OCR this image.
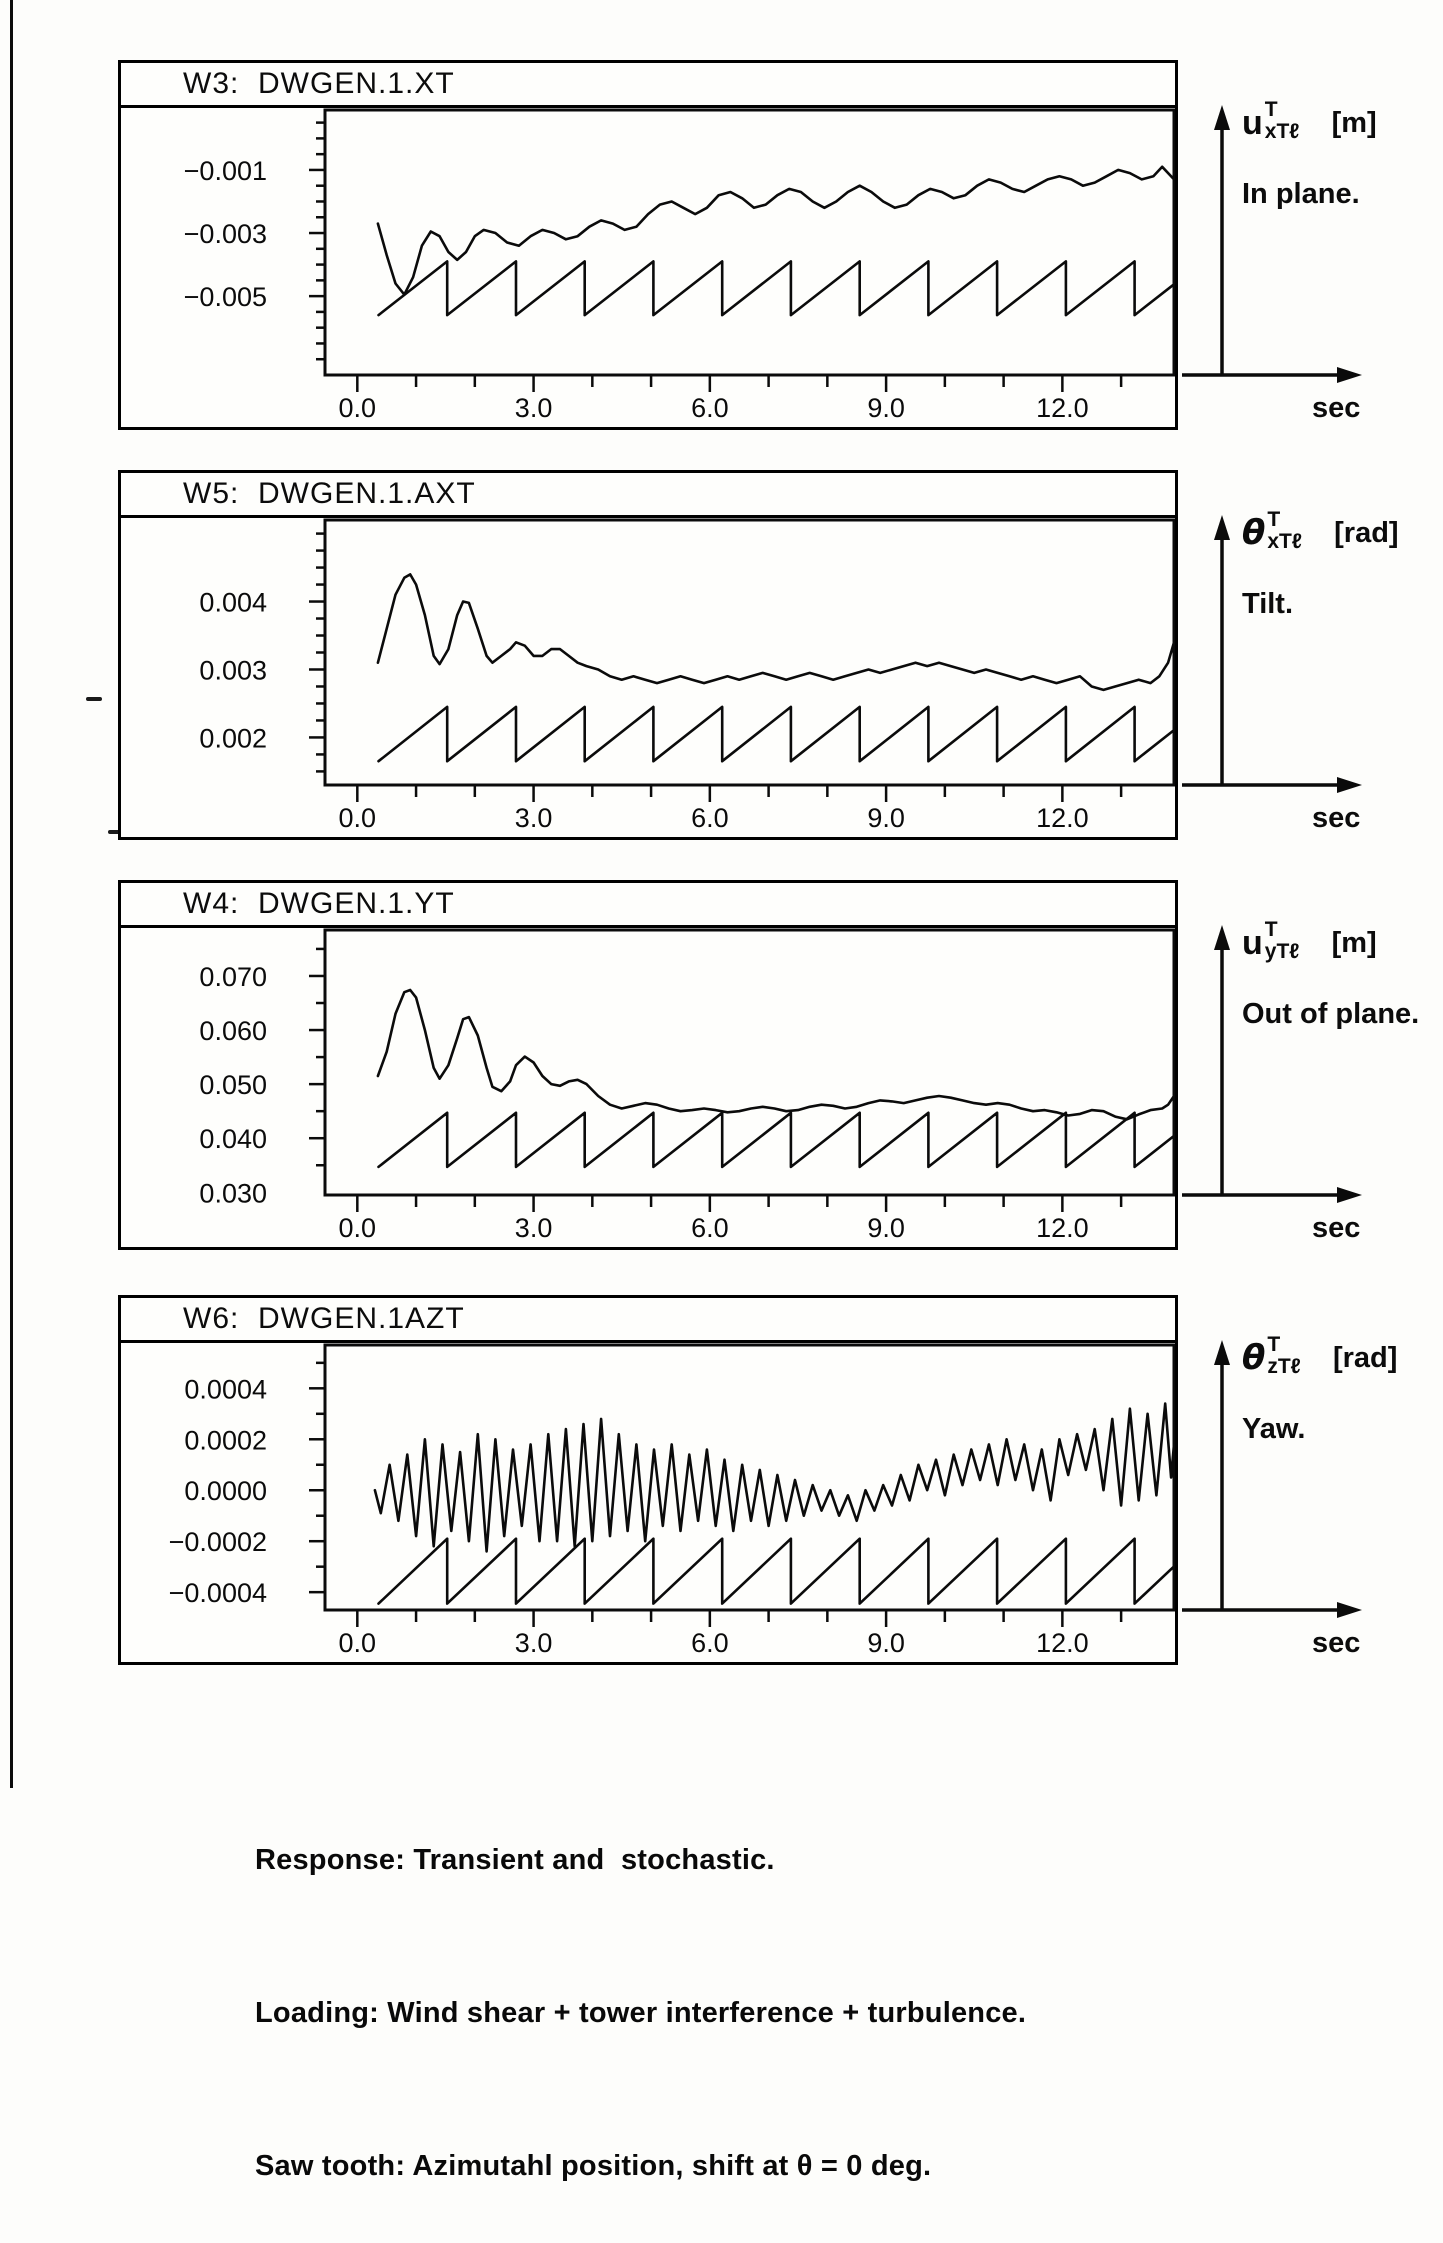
W3:  DWGEN.1.XT
−0.001
−0.003
−0.005
0.0	3.0	6.0	9.0	12.0
u T
xTℓ [m]
In plane.
sec
W5:  DWGEN.1.AXT
0.004
0.003
0.002
0.0	3.0	6.0	9.0	12.0
θ T
xTℓ [rad]
Tilt.
sec
W4:  DWGEN.1.YT
0.070
0.060
0.050
0.040
0.030
0.0	3.0	6.0	9.0	12.0
u T
yTℓ [m]
Out of plane.
sec
W6:  DWGEN.1AZT
0.0004
0.0002
0.0000
−0.0002
−0.0004
0.0	3.0	6.0	9.0	12.0
θ T
zTℓ [rad]
Yaw.
sec

Response: Transient and  stochastic.

Loading: Wind shear + tower interference + turbulence.

Saw tooth: Azimutahl position, shift at θ = 0 deg.
